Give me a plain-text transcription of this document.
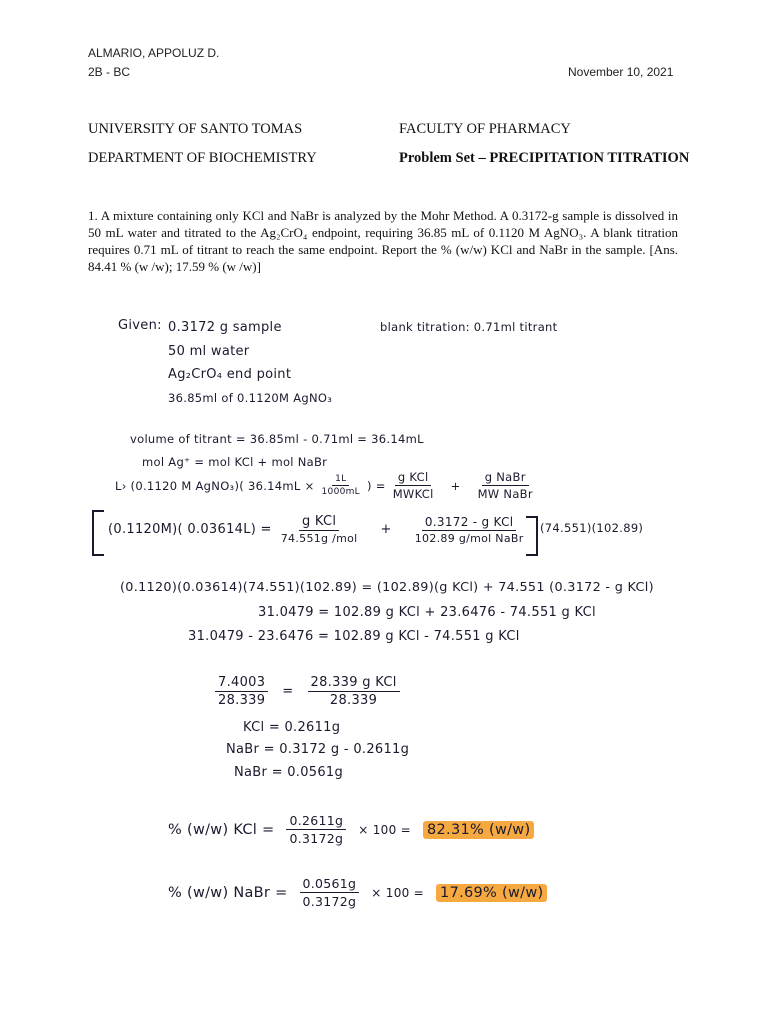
ALMARIO, APPOLUZ D.
2B - BC	November 10, 2021
UNIVERSITY OF SANTO TOMAS	FACULTY OF PHARMACY
DEPARTMENT OF BIOCHEMISTRY	Problem Set – PRECIPITATION TITRATION
1. A mixture containing only KCl and NaBr is analyzed by the Mohr Method. A 0.3172-g sample is dissolved in 50 mL water and titrated to the Ag₂CrO₄ endpoint, requiring 36.85 mL of 0.1120 M AgNO₃. A blank titration requires 0.71 mL of titrant to reach the same endpoint. Report the % (w/w) KCl and NaBr in the sample. [Ans. 84.41 % (w /w); 17.59 % (w /w)]
Given: 0.3172 g sample	blank titration: 0.71ml titrant
50 ml water
Ag₂CrO₄ end point
36.85ml of 0.1120M AgNO₃
volume of titrant = 36.85ml - 0.71ml = 36.14mL
mol Ag⁺ = mol KCl + mol NaBr
L› (0.1120 M AgNO₃)( $36.14mL \times \frac{1L}{1000mL}$ ) = $\frac{\text{g KCl}}{\text{MWKCl}}$	+	$\frac{\text{g NaBr}}{\text{MW NaBr}}$
(0.1120M)( $0.03614L) = \frac{\text{g KCl}}{\text{74.551g /mol}}$	+	$\frac{\text{0.3172 - g KCl}}{\text{102.89 g/mol NaBr}} (74.551)(102.89)$
(0.1120)(0.03614)(74.551)(102.89) = (102.89)(g KCl) + 74.551 (0.3172 - g KCl)
31.0479 = 102.89 g KCl + 23.6476 - 74.551 g KCl
31.0479 - 23.6476 = 102.89 g KCl - 74.551 g KCl
$\frac{7.4003}{28.339} = \frac{\text{28.339 g KCl}}{28.339}$
KCl = 0.2611g
NaBr = 0.3172 g - 0.2611g
NaBr = 0.0561g
% (w/w) KCl = $\frac{0.2611g}{0.3172g} \times 100 = 82.31\%$ (w/w)
% (w/w) NaBr = $\frac{0.0561g}{0.3172g} \times 100 = 17.69\%$ (w/w)
